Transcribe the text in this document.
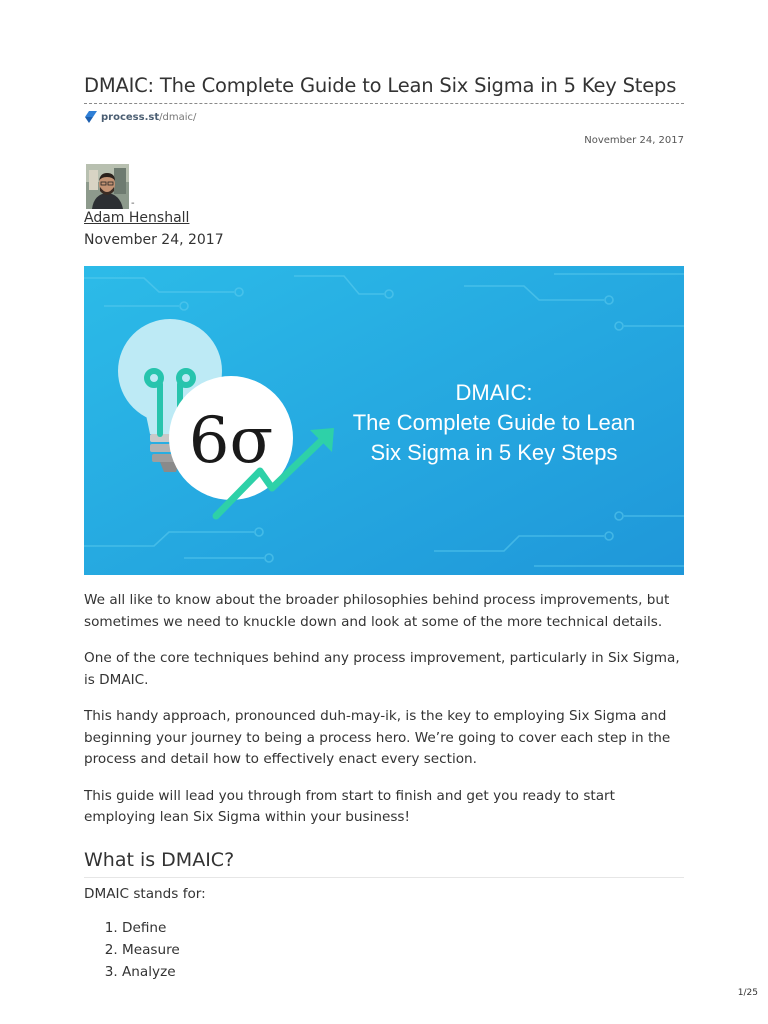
DMAIC: The Complete Guide to Lean Six Sigma in 5 Key Steps
process.st /dmaic/
November 24, 2017
-
Adam Henshall
November 24, 2017
6σ
DMAIC:
The Complete Guide to Lean
Six Sigma in 5 Key Steps

We all like to know about the broader philosophies behind process improvements, but sometimes we need to knuckle down and look at some of the more technical details.

One of the core techniques behind any process improvement, particularly in Six Sigma, is DMAIC.

This handy approach, pronounced duh-may-ik, is the key to employing Six Sigma and beginning your journey to being a process hero. We’re going to cover each step in the process and detail how to effectively enact every section.

This guide will lead you through from start to finish and get you ready to start employing lean Six Sigma within your business!

What is DMAIC?

DMAIC stands for:

1. Define
2. Measure
3. Analyze
1/25
